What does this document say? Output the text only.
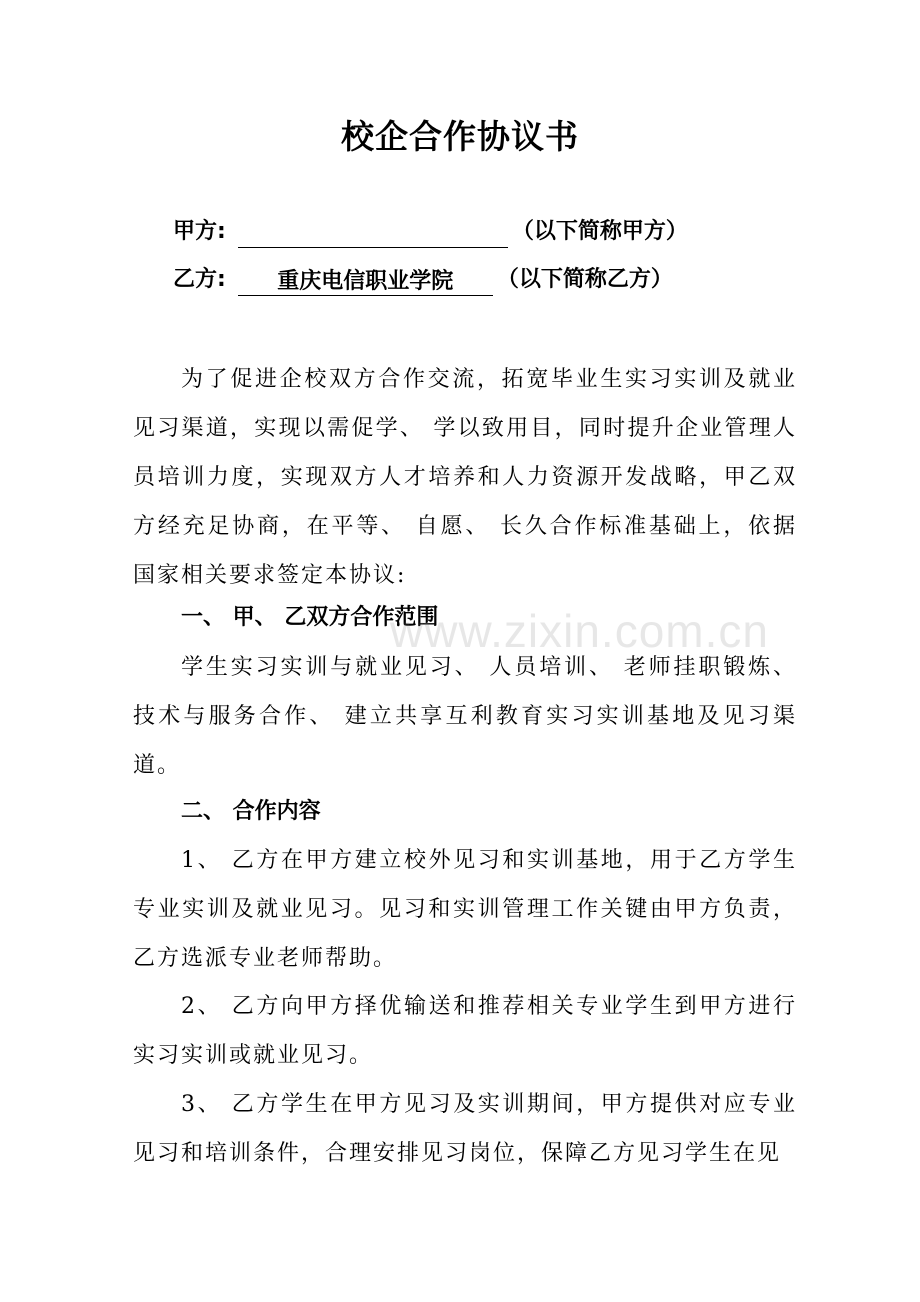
校企合作协议书
甲方:	（以下简称甲方）
乙方: 重庆电信职业学院 （以下简称乙方）
为了促进企校双方合作交流，拓宽毕业生实习实训及就业见习渠道，实现以需促学、 学以致用目，同时提升企业管理人员培训力度，实现双方人才培养和人力资源开发战略，甲乙双方经充足协商，在平等、 自愿、 长久合作标准基础上，依据国家相关要求签定本协议:
一、 甲、 乙双方合作范围
学生实习实训与就业见习、 人员培训、 老师挂职锻炼、技术与服务合作、 建立共享互利教育实习实训基地及见习渠道。
二、 合作内容
1、 乙方在甲方建立校外见习和实训基地，用于乙方学生专业实训及就业见习。见习和实训管理工作关键由甲方负责，乙方选派专业老师帮助。
2、 乙方向甲方择优输送和推荐相关专业学生到甲方进行实习实训或就业见习。
3、 乙方学生在甲方见习及实训期间，甲方提供对应专业见习和培训条件，合理安排见习岗位，保障乙方见习学生在见
www.zixin.com.cn
